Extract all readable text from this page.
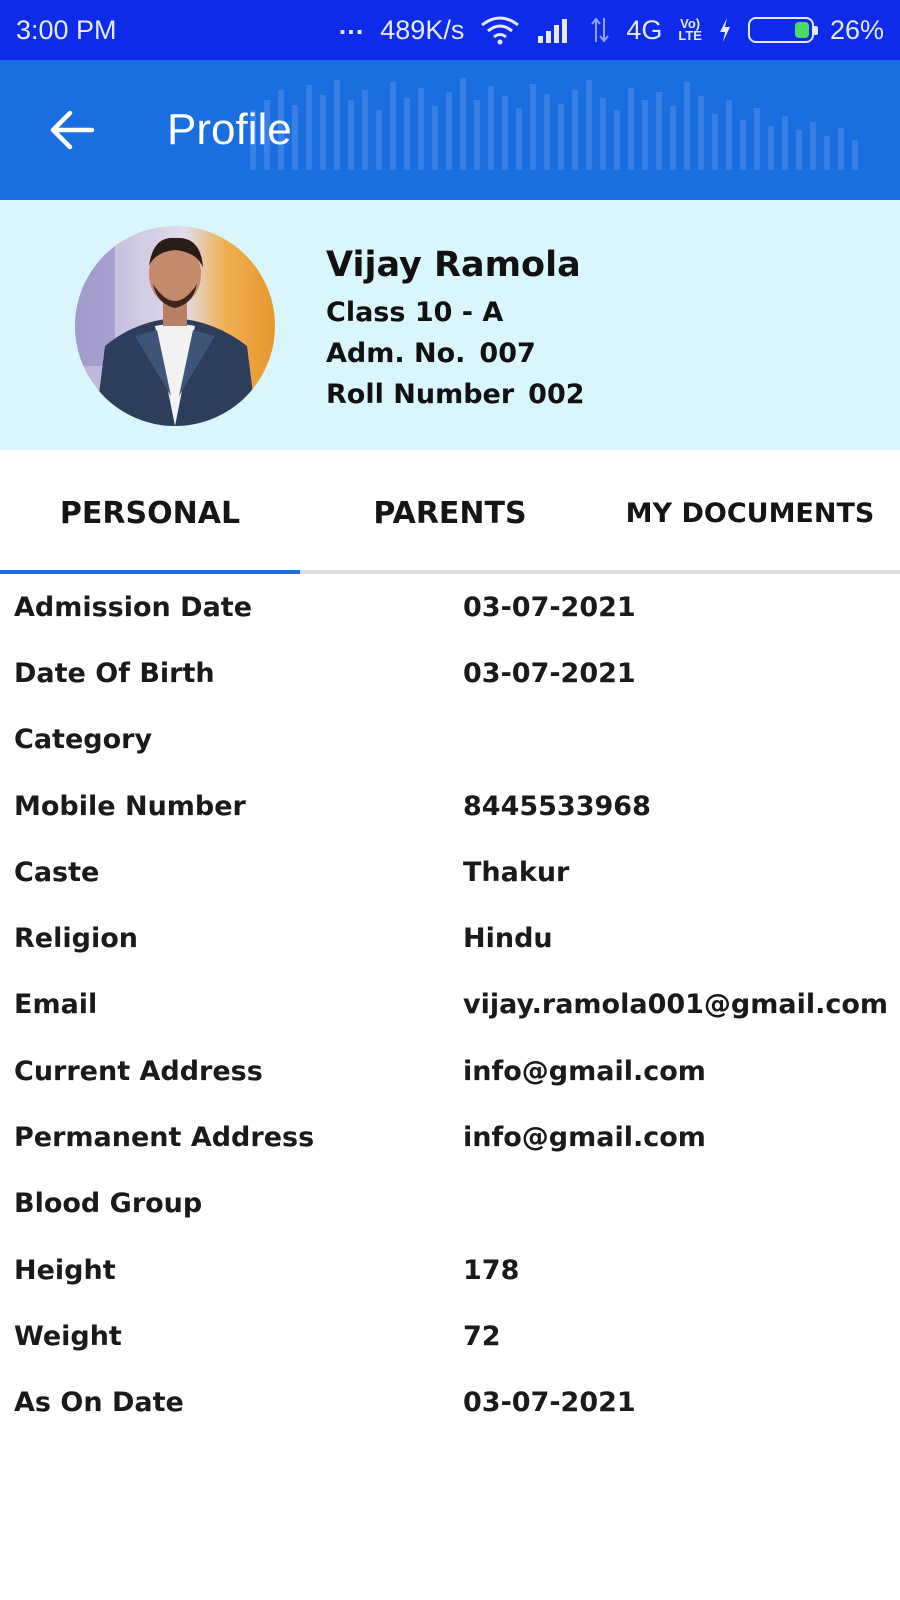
3:00 PM	... 489K/s	4G Vo)
LTE	26%
Profile
Vijay Ramola
Class 10 - A
Adm. No. 007
Roll Number 002
PERSONAL	PARENTS	MY DOCUMENTS
Admission Date	03-07-2021
Date Of Birth	03-07-2021
Category
Mobile Number	8445533968
Caste	Thakur
Religion	Hindu
Email	vijay.ramola001@gmail.com
Current Address	info@gmail.com
Permanent Address	info@gmail.com
Blood Group
Height	178
Weight	72
As On Date	03-07-2021
